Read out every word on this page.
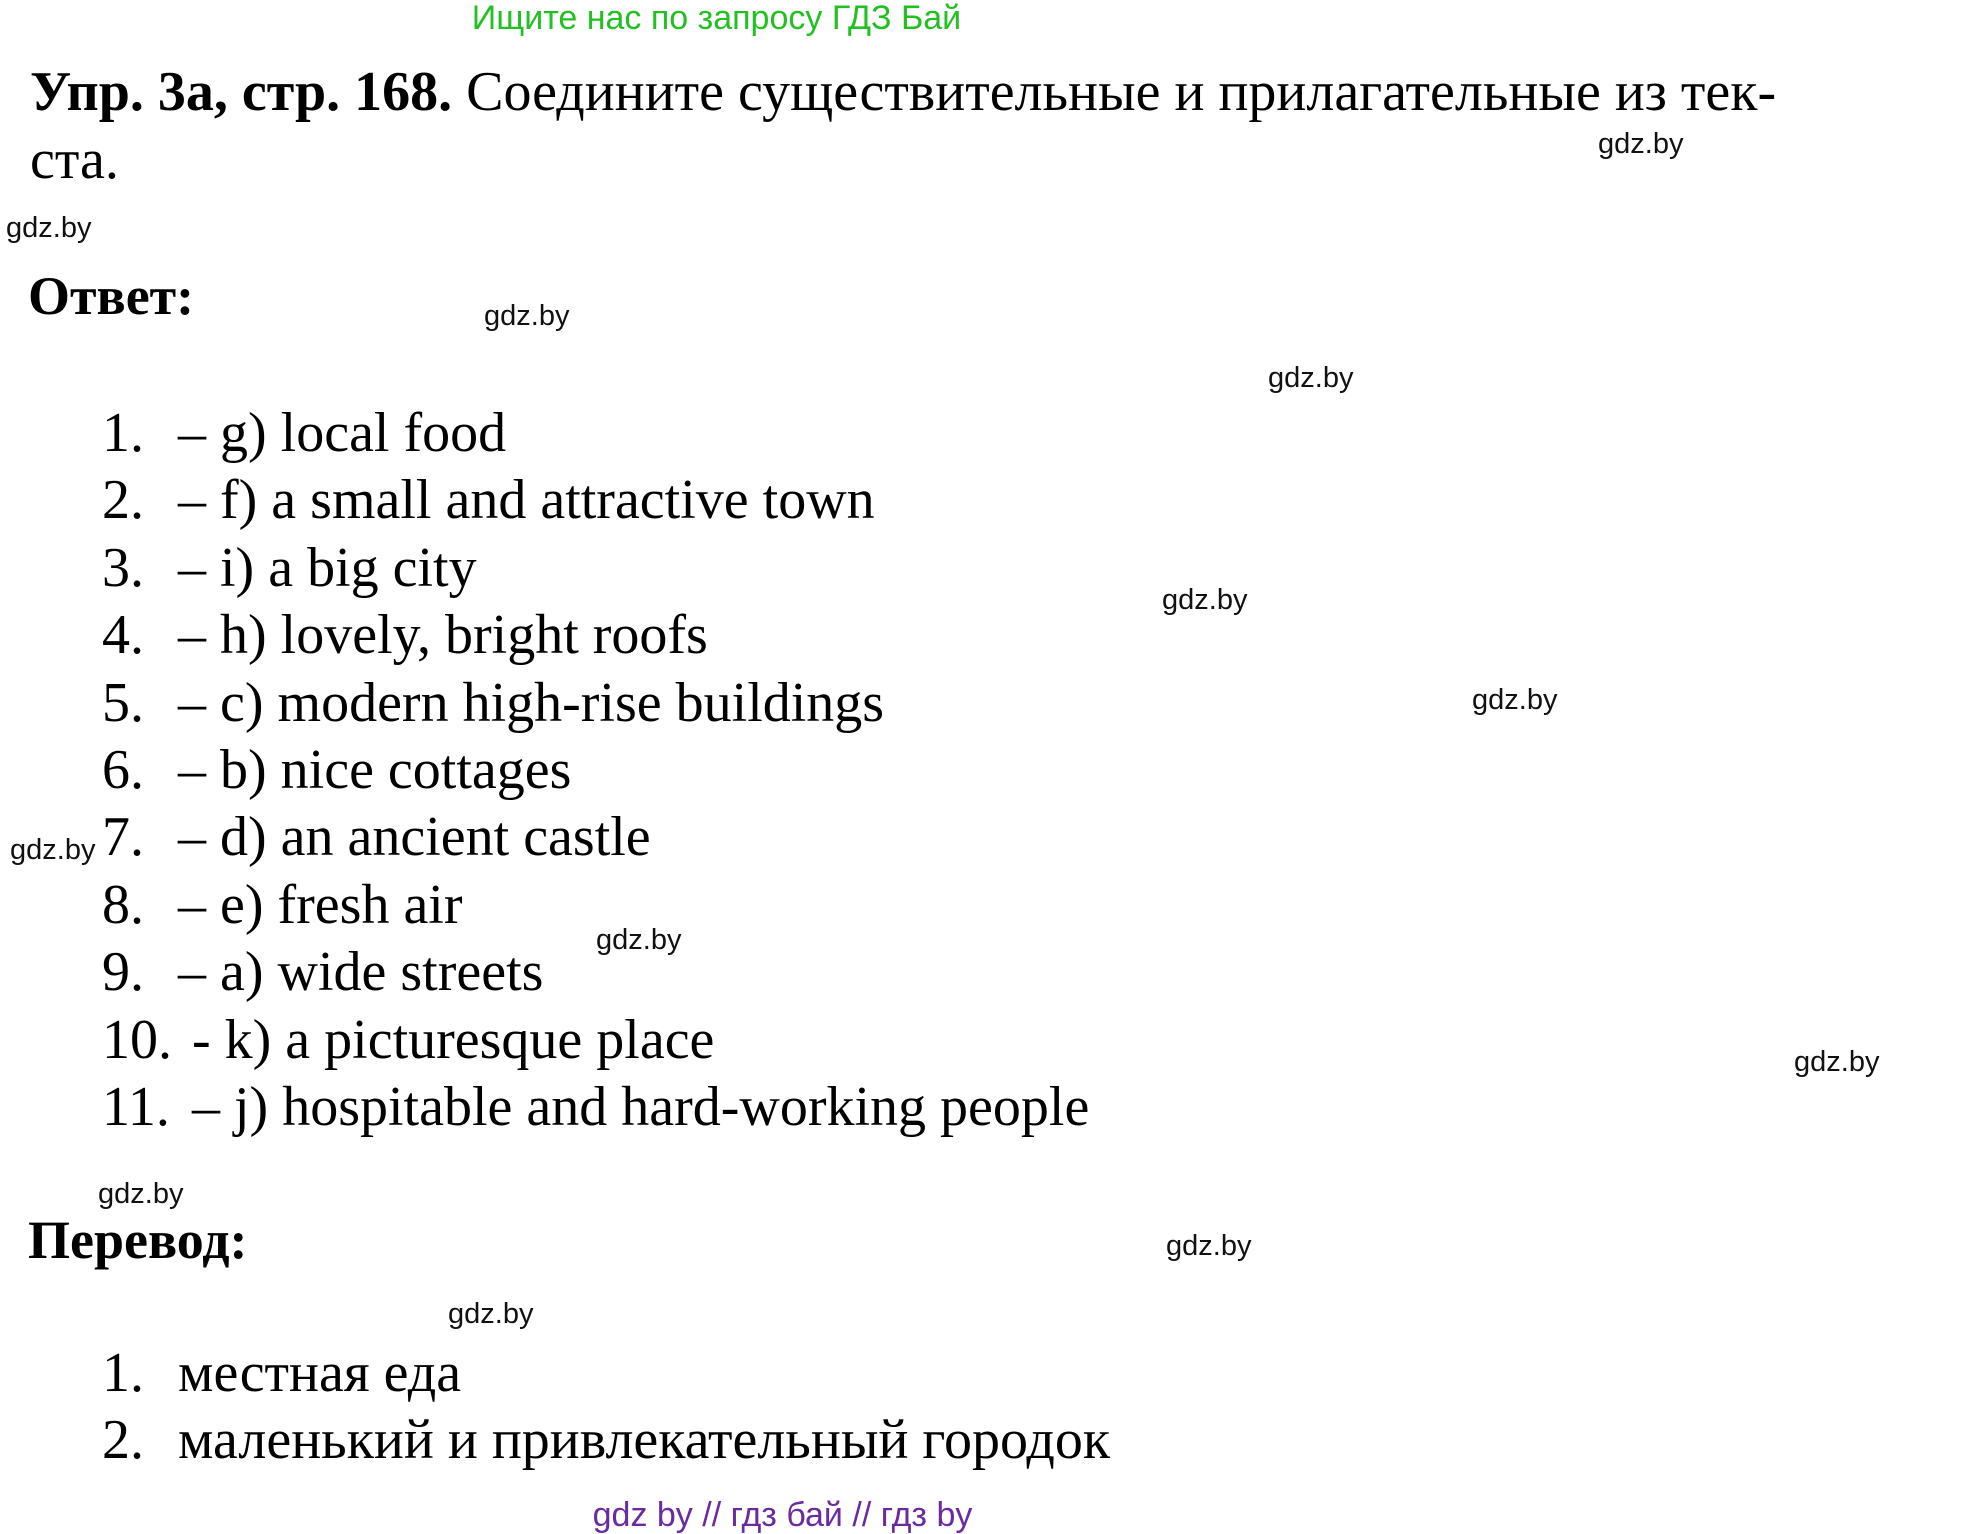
Ищите нас по запросу ГДЗ Бай
Упр. 3а, стр. 168. Соедините существительные и прилагательные из тек-
ста.
Ответ:
1. – g) local food
2. – f) a small and attractive town
3. – i) a big city
4. – h) lovely, bright roofs
5. – c) modern high-rise buildings
6. – b) nice cottages
7. – d) an ancient castle
8. – e) fresh air
9. – a) wide streets
10. - k) a picturesque place
11. – j) hospitable and hard-working people
Перевод:
1. местная еда
2. маленький и привлекательный городок
gdz.by
gdz.by
gdz.by
gdz.by
gdz.by
gdz.by
gdz.by
gdz.by
gdz.by
gdz.by
gdz.by
gdz.by
gdz by // гдз бай // гдз by
